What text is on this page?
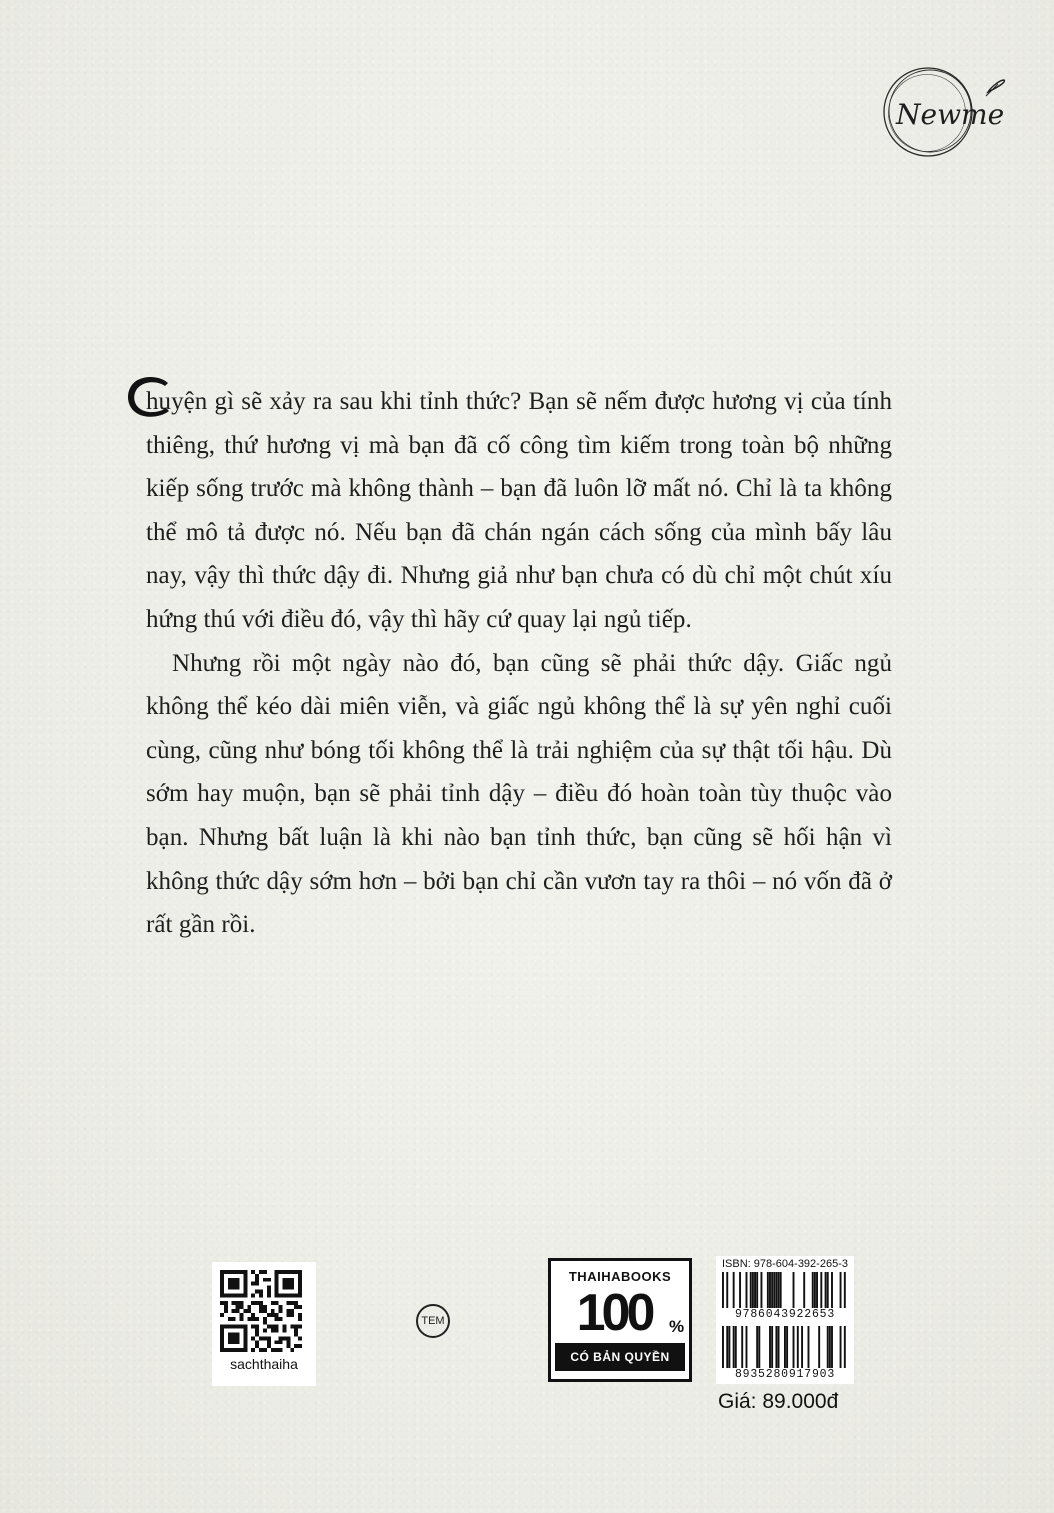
Newme

huyện gì sẽ xảy ra sau khi tỉnh thức? Bạn sẽ nếm được hương vị của tính thiêng, thứ hương vị mà bạn đã cố công tìm kiếm trong toàn bộ những kiếp sống trước mà không thành – bạn đã luôn lỡ mất nó. Chỉ là ta không thể mô tả được nó. Nếu bạn đã chán ngán cách sống của mình bấy lâu nay, vậy thì thức dậy đi. Nhưng giả như bạn chưa có dù chỉ một chút xíu hứng thú với điều đó, vậy thì hãy cứ quay lại ngủ tiếp.

Nhưng rồi một ngày nào đó, bạn cũng sẽ phải thức dậy. Giấc ngủ không thể kéo dài miên viễn, và giấc ngủ không thể là sự yên nghỉ cuối cùng, cũng như bóng tối không thể là trải nghiệm của sự thật tối hậu. Dù sớm hay muộn, bạn sẽ phải tỉnh dậy – điều đó hoàn toàn tùy thuộc vào bạn. Nhưng bất luận là khi nào bạn tỉnh thức, bạn cũng sẽ hối hận vì không thức dậy sớm hơn – bởi bạn chỉ cần vươn tay ra thôi – nó vốn đã ở rất gần rồi.

sachthaiha
TEM
THAIHABOOKS
100	%
CÓ BẢN QUYỀN
ISBN: 978-604-392-265-3
9786043922653
8935280917903
Giá: 89.000đ
